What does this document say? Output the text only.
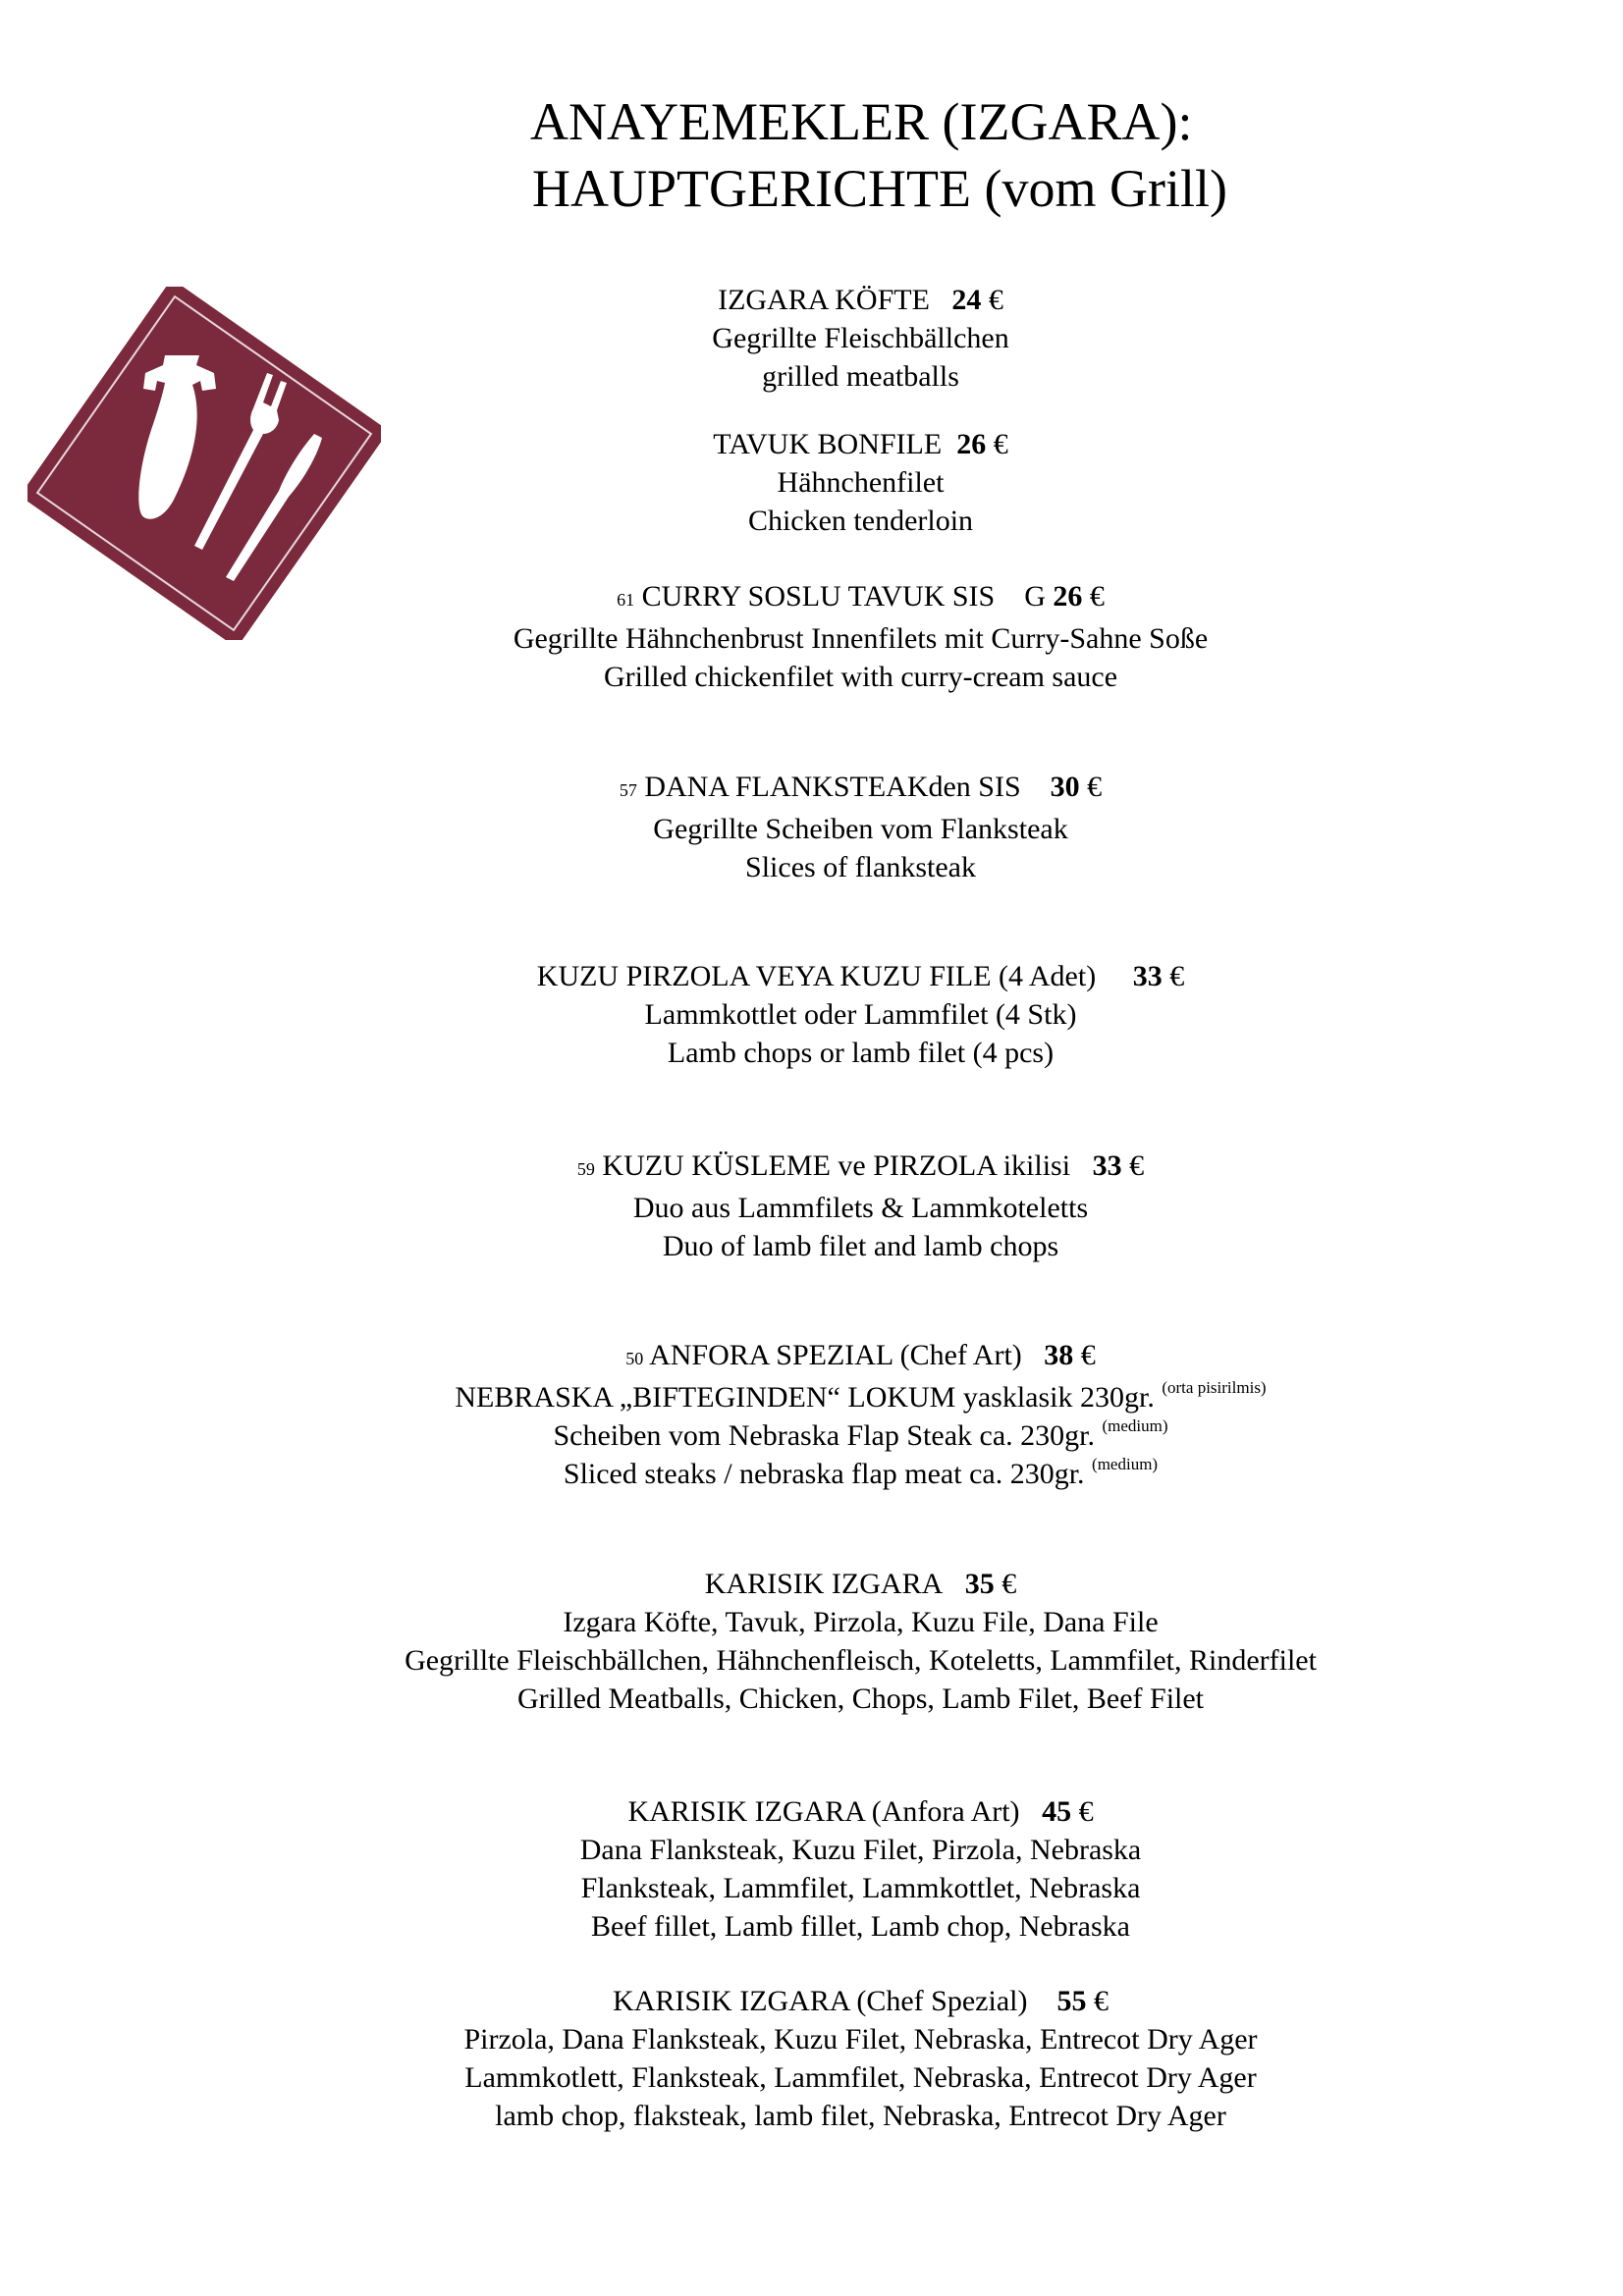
ANAYEMEKLER (IZGARA):
HAUPTGERICHTE (vom Grill)
IZGARA KÖFTE 24 €
Gegrillte Fleischbällchen
grilled meatballs
TAVUK BONFILE 26 €
Hähnchenfilet
Chicken tenderloin
61 CURRY SOSLU TAVUK SIS G 26 €
Gegrillte Hähnchenbrust Innenfilets mit Curry-Sahne Soße
Grilled chickenfilet with curry-cream sauce
57 DANA FLANKSTEAKden SIS 30 €
Gegrillte Scheiben vom Flanksteak
Slices of flanksteak
KUZU PIRZOLA VEYA KUZU FILE (4 Adet) 33 €
Lammkottlet oder Lammfilet (4 Stk)
Lamb chops or lamb filet (4 pcs)
59 KUZU KÜSLEME ve PIRZOLA ikilisi 33 €
Duo aus Lammfilets & Lammkoteletts
Duo of lamb filet and lamb chops
50 ANFORA SPEZIAL (Chef Art) 38 €
NEBRASKA „BIFTEGINDEN“ LOKUM yasklasik 230gr. $^{(orta pisirilmis)}$
Scheiben vom Nebraska Flap Steak ca. 230gr. $^{(medium)}$
Sliced steaks / nebraska flap meat ca. 230gr. $^{(medium)}$
KARISIK IZGARA 35 €
Izgara Köfte, Tavuk, Pirzola, Kuzu File, Dana File
Gegrillte Fleischbällchen, Hähnchenfleisch, Koteletts, Lammfilet, Rinderfilet
Grilled Meatballs, Chicken, Chops, Lamb Filet, Beef Filet
KARISIK IZGARA (Anfora Art) 45 €
Dana Flanksteak, Kuzu Filet, Pirzola, Nebraska
Flanksteak, Lammfilet, Lammkottlet, Nebraska
Beef fillet, Lamb fillet, Lamb chop, Nebraska
KARISIK IZGARA (Chef Spezial) 55 €
Pirzola, Dana Flanksteak, Kuzu Filet, Nebraska, Entrecot Dry Ager
Lammkotlett, Flanksteak, Lammfilet, Nebraska, Entrecot Dry Ager
lamb chop, flaksteak, lamb filet, Nebraska, Entrecot Dry Ager
